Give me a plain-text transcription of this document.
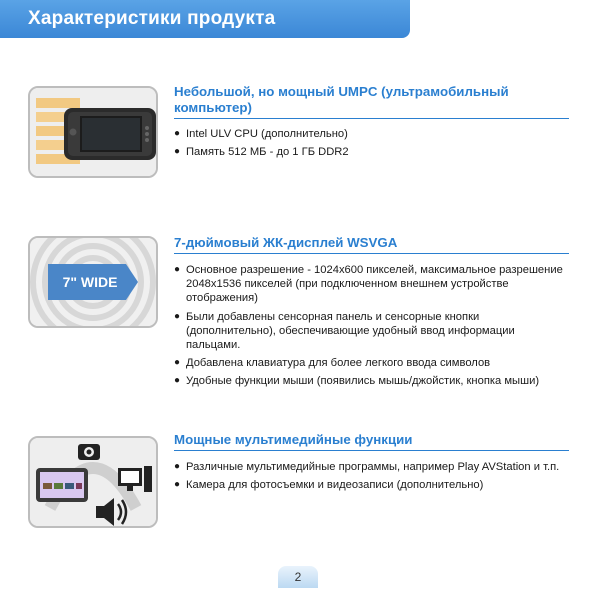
Характеристики продукта
Небольшой, но мощный UMPC (ультрамобильный компьютер)
● Intel ULV CPU (дополнительно)
● Память 512 МБ - до 1 ГБ DDR2
7" WIDE
7-дюймовый ЖК-дисплей WSVGA
● Основное разрешение - 1024x600 пикселей, максимальное разрешение 2048x1536 пикселей (при подключенном внешнем устройстве отображения)
● Были добавлены сенсорная панель и сенсорные кнопки (дополнительно), обеспечивающие удобный ввод информации пальцами.
● Добавлена клавиатура для более легкого ввода символов
● Удобные функции мыши (появились мышь/джойстик, кнопка мыши)
Мощные мультимедийные функции
● Различные мультимедийные программы, например Play AVStation и т.п.
● Камера для фотосъемки и видеозаписи (дополнительно)
2
